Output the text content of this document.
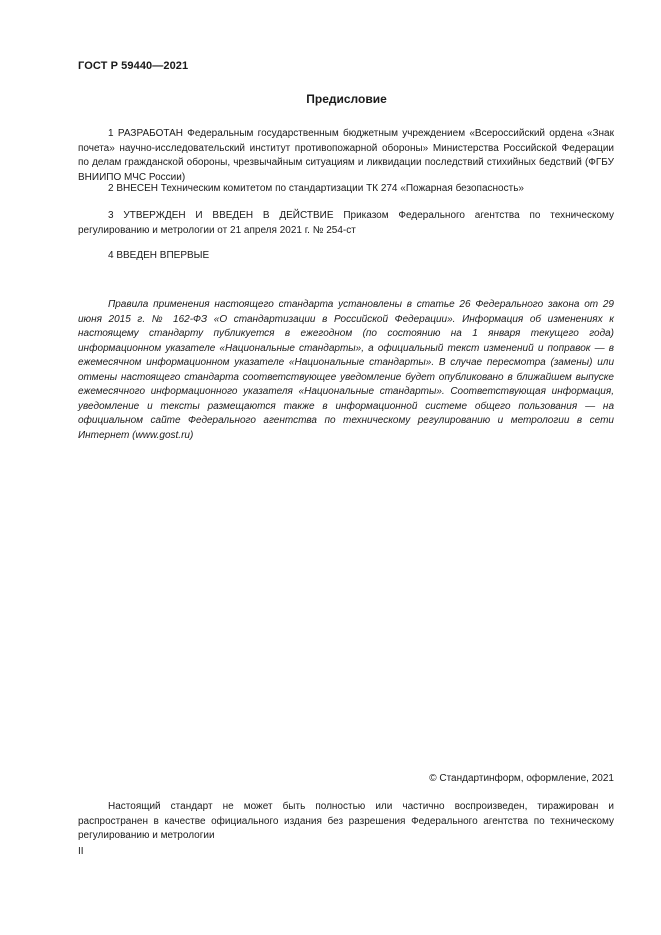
ГОСТ Р 59440—2021
Предисловие

1 РАЗРАБОТАН Федеральным государственным бюджетным учреждением «Всероссийский ордена «Знак почета» научно-исследовательский институт противопожарной обороны» Министерства Российской Федерации по делам гражданской обороны, чрезвычайным ситуациям и ликвидации последствий стихийных бедствий (ФГБУ ВНИИПО МЧС России)

2 ВНЕСЕН Техническим комитетом по стандартизации ТК 274 «Пожарная безопасность»

3 УТВЕРЖДЕН И ВВЕДЕН В ДЕЙСТВИЕ Приказом Федерального агентства по техническому регулированию и метрологии от 21 апреля 2021 г. № 254-ст

4 ВВЕДЕН ВПЕРВЫЕ

Правила применения настоящего стандарта установлены в статье 26 Федерального закона от 29 июня 2015 г. № 162-ФЗ «О стандартизации в Российской Федерации». Информация об изменениях к настоящему стандарту публикуется в ежегодном (по состоянию на 1 января текущего года) информационном указателе «Национальные стандарты», а официальный текст изменений и поправок — в ежемесячном информационном указателе «Национальные стандарты». В случае пересмотра (замены) или отмены настоящего стандарта соответствующее уведомление будет опубликовано в ближайшем выпуске ежемесячного информационного указателя «Национальные стандарты». Соответствующая информация, уведомление и тексты размещаются также в информационной системе общего пользования — на официальном сайте Федерального агентства по техническому регулированию и метрологии в сети Интернет (www.gost.ru)

© Стандартинформ, оформление, 2021

Настоящий стандарт не может быть полностью или частично воспроизведен, тиражирован и распространен в качестве официального издания без разрешения Федерального агентства по техническому регулированию и метрологии

II
